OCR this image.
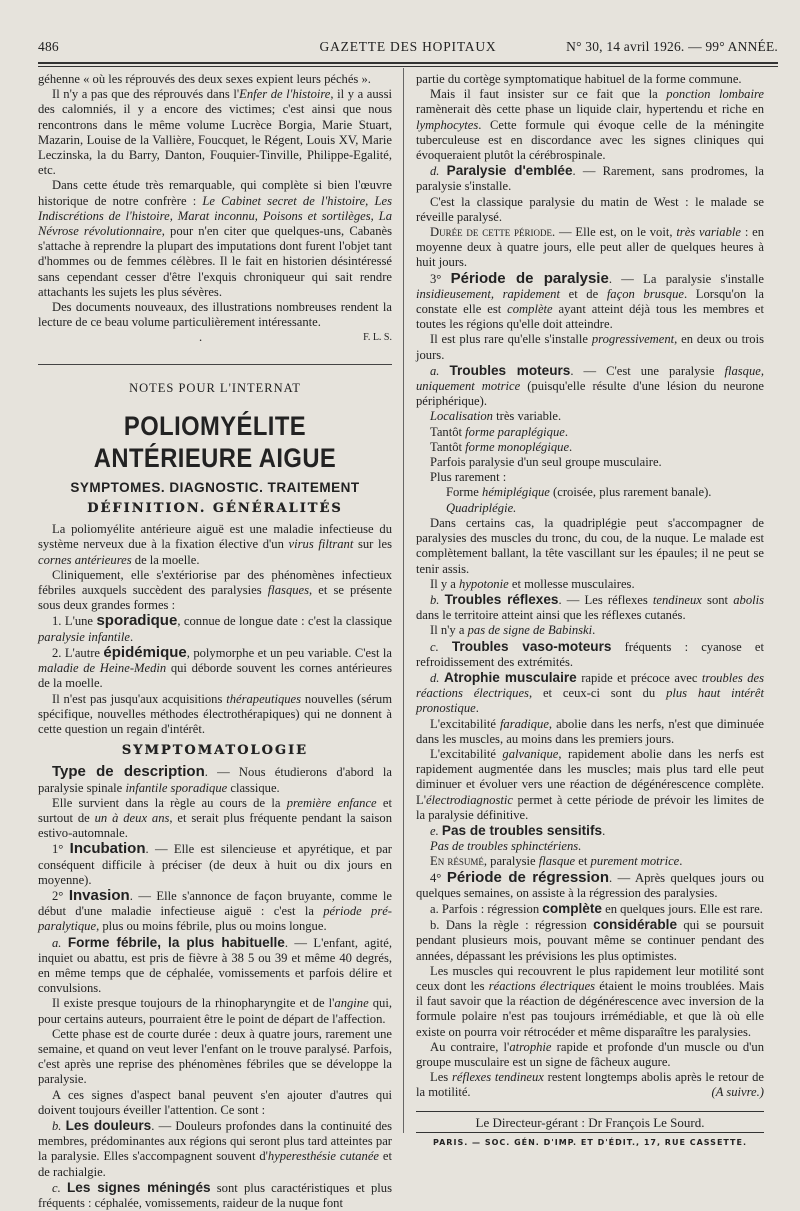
486	GAZETTE DES HOPITAUX	N° 30, 14 avril 1926. — 99° ANNÉE.

géhenne « où les réprouvés des deux sexes expient leurs péchés ».

Il n'y a pas que des réprouvés dans l'Enfer de l'histoire, il y a aussi des calomniés, il y a encore des victimes; c'est ainsi que nous rencontrons dans le même volume Lucrèce Borgia, Marie Stuart, Mazarin, Louise de la Vallière, Foucquet, le Régent, Louis XV, Marie Leczinska, la du Barry, Danton, Fouquier-Tinville, Philippe-Egalité, etc.

Dans cette étude très remarquable, qui complète si bien l'œuvre historique de notre confrère : Le Cabinet secret de l'histoire, Les Indiscrétions de l'histoire, Marat inconnu, Poisons et sortilèges, La Névrose révolutionnaire, pour n'en citer que quelques-uns, Cabanès s'attache à reprendre la plupart des imputations dont furent l'objet tant d'hommes ou de femmes célèbres. Il le fait en historien désintéressé sans cependant cesser d'être l'exquis chroniqueur qui sait rendre attachants les sujets les plus sévères.

Des documents nouveaux, des illustrations nombreuses rendent la lecture de ce beau volume particulièrement intéressante.

.	F. L. S.
NOTES POUR L'INTERNAT
POLIOMYÉLITE ANTÉRIEURE AIGUE
SYMPTOMES. DIAGNOSTIC. TRAITEMENT
DÉFINITION. GÉNÉRALITÉS

La poliomyélite antérieure aiguë est une maladie infectieuse du système nerveux due à la fixation élective d'un virus filtrant sur les cornes antérieures de la moelle.

Cliniquement, elle s'extériorise par des phénomènes infectieux fébriles auxquels succèdent des paralysies flasques, et se présente sous deux grandes formes :

1. L'une sporadique, connue de longue date : c'est la classique paralysie infantile.

2. L'autre épidémique, polymorphe et un peu variable. C'est la maladie de Heine-Medin qui déborde souvent les cornes antérieures de la moelle.

Il n'est pas jusqu'aux acquisitions thérapeutiques nouvelles (sérum spécifique, nouvelles méthodes électrothérapiques) qui ne donnent à cette question un regain d'intérêt.

SYMPTOMATOLOGIE

Type de description. — Nous étudierons d'abord la paralysie spinale infantile sporadique classique.

Elle survient dans la règle au cours de la première enfance et surtout de un à deux ans, et serait plus fréquente pendant la saison estivo-automnale.

1° Incubation. — Elle est silencieuse et apyrétique, et par conséquent difficile à préciser (de deux à huit ou dix jours en moyenne).

2° Invasion. — Elle s'annonce de façon bruyante, comme le début d'une maladie infectieuse aiguë : c'est la période pré-paralytique, plus ou moins fébrile, plus ou moins longue.

a. Forme fébrile, la plus habituelle. — L'enfant, agité, inquiet ou abattu, est pris de fièvre à 38 5 ou 39 et même 40 degrés, en même temps que de céphalée, vomissements et parfois délire et convulsions.

Il existe presque toujours de la rhinopharyngite et de l'angine qui, pour certains auteurs, pourraient être le point de départ de l'affection.

Cette phase est de courte durée : deux à quatre jours, rarement une semaine, et quand on veut lever l'enfant on le trouve paralysé. Parfois, c'est après une reprise des phénomènes fébriles que se développe la paralysie.

A ces signes d'aspect banal peuvent s'en ajouter d'autres qui doivent toujours éveiller l'attention. Ce sont :

b. Les douleurs. — Douleurs profondes dans la continuité des membres, prédominantes aux régions qui seront plus tard atteintes par la paralysie. Elles s'accompagnent souvent d'hyperesthésie cutanée et de rachialgie.

c. Les signes méningés sont plus caractéristiques et plus fréquents : céphalée, vomissements, raideur de la nuque font

partie du cortège symptomatique habituel de la forme commune.

Mais il faut insister sur ce fait que la ponction lombaire ramènerait dès cette phase un liquide clair, hypertendu et riche en lymphocytes. Cette formule qui évoque celle de la méningite tuberculeuse est en discordance avec les signes cliniques qui évoqueraient plutôt la cérébrospinale.

d. Paralysie d'emblée. — Rarement, sans prodromes, la paralysie s'installe.

C'est la classique paralysie du matin de West : le malade se réveille paralysé.

Durée de cette période. — Elle est, on le voit, très variable : en moyenne deux à quatre jours, elle peut aller de quelques heures à huit jours.

3° Période de paralysie. — La paralysie s'installe insidieusement, rapidement et de façon brusque. Lorsqu'on la constate elle est complète ayant atteint déjà tous les membres et toutes les régions qu'elle doit atteindre.

Il est plus rare qu'elle s'installe progressivement, en deux ou trois jours.

a. Troubles moteurs. — C'est une paralysie flasque, uniquement motrice (puisqu'elle résulte d'une lésion du neurone périphérique).

Localisation très variable.

Tantôt forme paraplégique.

Tantôt forme monoplégique.

Parfois paralysie d'un seul groupe musculaire.

Plus rarement :

Forme hémiplégique (croisée, plus rarement banale).

Quadriplégie.

Dans certains cas, la quadriplégie peut s'accompagner de paralysies des muscles du tronc, du cou, de la nuque. Le malade est complètement ballant, la tête vascillant sur les épaules; il ne peut se tenir assis.

Il y a hypotonie et mollesse musculaires.

b. Troubles réflexes. — Les réflexes tendineux sont abolis dans le territoire atteint ainsi que les réflexes cutanés.

Il n'y a pas de signe de Babinski.

c. Troubles vaso-moteurs fréquents : cyanose et refroidissement des extrémités.

d. Atrophie musculaire rapide et précoce avec troubles des réactions électriques, et ceux-ci sont du plus haut intérêt pronostique.

L'excitabilité faradique, abolie dans les nerfs, n'est que diminuée dans les muscles, au moins dans les premiers jours.

L'excitabilité galvanique, rapidement abolie dans les nerfs est rapidement augmentée dans les muscles; mais plus tard elle peut diminuer et évoluer vers une réaction de dégénérescence complète. L'électrodiagnostic permet à cette période de prévoir les limites de la paralysie définitive.

e. Pas de troubles sensitifs.

Pas de troubles sphinctériens.

En résumé, paralysie flasque et purement motrice.

4° Période de régression. — Après quelques jours ou quelques semaines, on assiste à la régression des paralysies.

a. Parfois : régression complète en quelques jours. Elle est rare.

b. Dans la règle : régression considérable qui se poursuit pendant plusieurs mois, pouvant même se continuer pendant des années, dépassant les prévisions les plus optimistes.

Les muscles qui recouvrent le plus rapidement leur motilité sont ceux dont les réactions électriques étaient le moins troublées. Mais il faut savoir que la réaction de dégénérescence avec inversion de la formule polaire n'est pas toujours irrémédiable, et que là où elle existe on pourra voir rétrocéder et même disparaître les paralysies.

Au contraire, l'atrophie rapide et profonde d'un muscle ou d'un groupe musculaire est un signe de fâcheux augure.

Les réflexes tendineux restent longtemps abolis après le retour de la motilité.	(A suivre.)

Le Directeur-gérant : Dr François Le Sourd.
PARIS. — SOC. GÉN. D'IMP. ET D'ÉDIT., 17, RUE CASSETTE.
